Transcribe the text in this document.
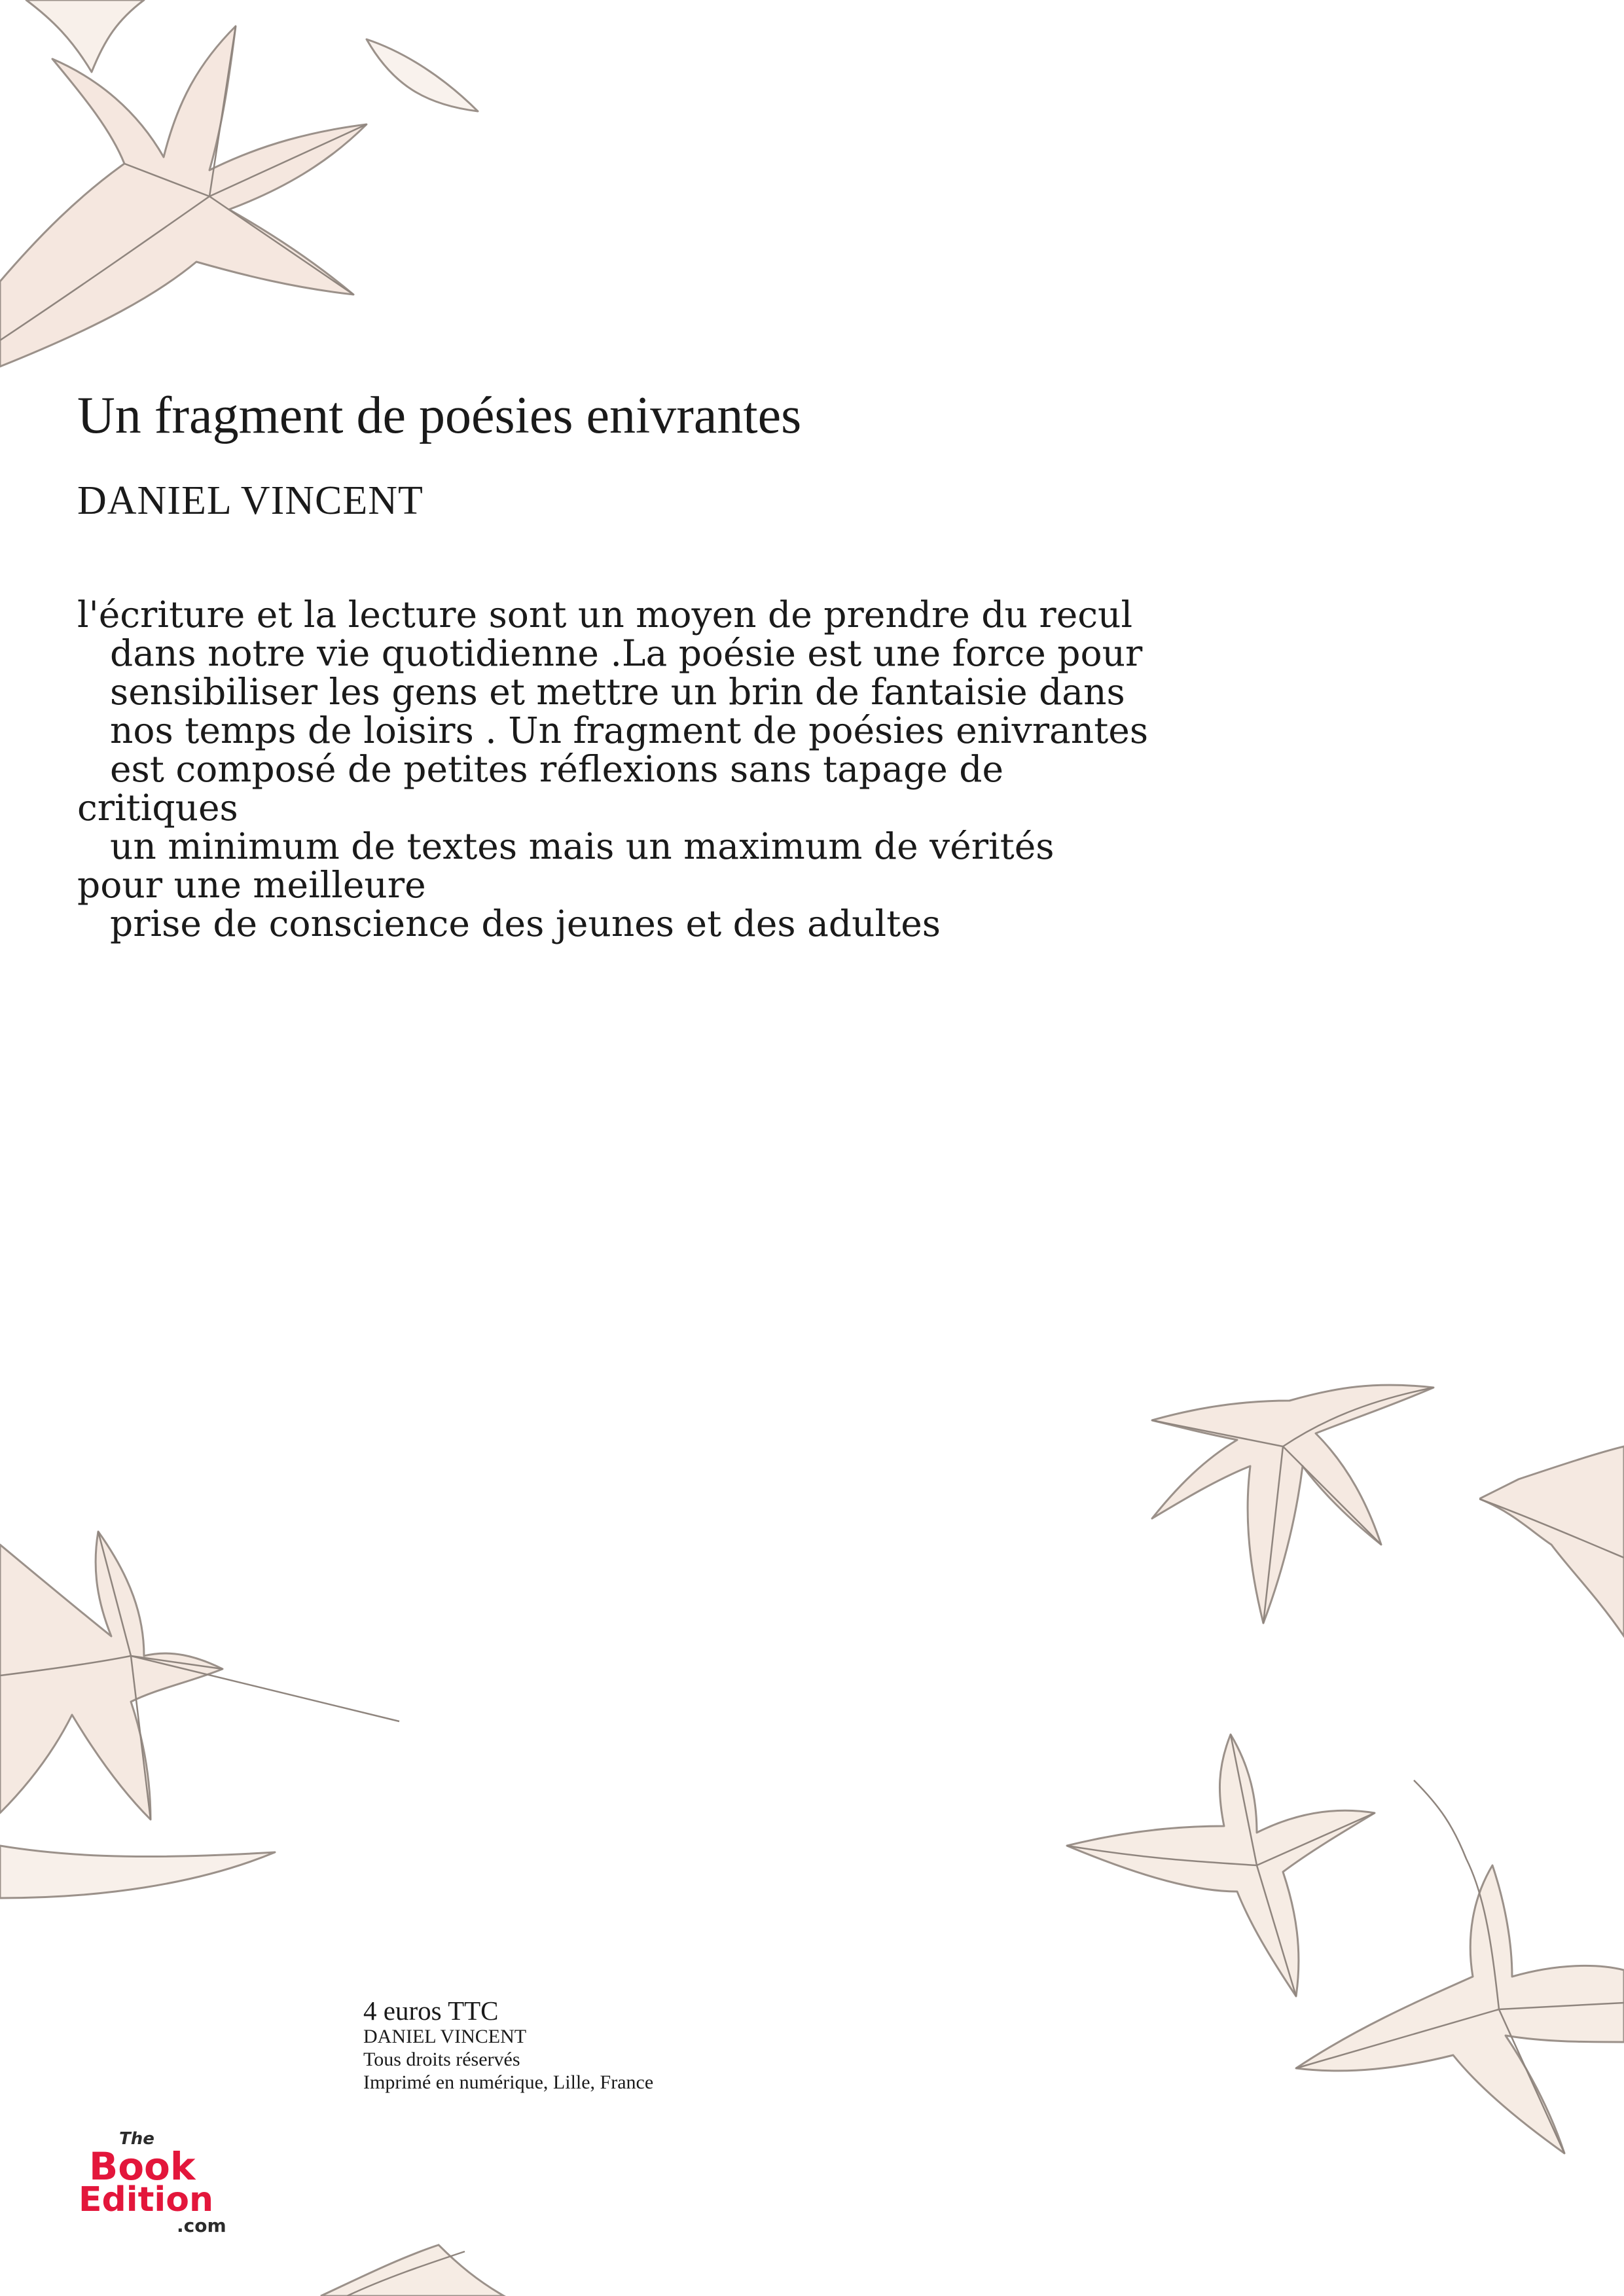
Un fragment de poésies enivrantes
DANIEL VINCENT
l'écriture et la lecture sont un moyen de prendre du recul
dans notre vie quotidienne .La poésie est une force pour
sensibiliser les gens et mettre un brin de fantaisie dans
nos temps de loisirs . Un fragment de poésies enivrantes
est composé de petites réflexions sans tapage de
critiques
un minimum de textes mais un maximum de vérités
pour une meilleure
prise de conscience des jeunes et des adultes
4 euros TTC
DANIEL VINCENT
Tous droits réservés
Imprimé en numérique, Lille, France
The
Book
Edition
.com
